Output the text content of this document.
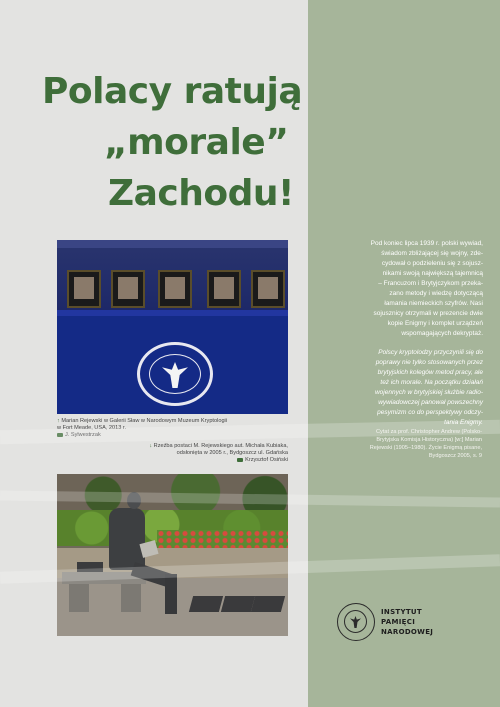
Polacy ratują
„morale”
Zachodu!
↑ Marian Rejewski w Galerii Sław w Narodowym Muzeum Kryptologii
w Fort Meade, USA, 2013 r.
J. Sylwestrzak
↓ Rzeźba postaci M. Rejewskiego aut. Michała Kubiaka,
odsłonięta w 2005 r., Bydgoszcz ul. Gdańska
Krzysztof Osiński

Pod koniec lipca 1939 r. polski wywiad,
świadom zbliżającej się wojny, zde-
cydował o podzieleniu się z sojusz-
nikami swoją największą tajemnicą
– Francuzom i Brytyjczykom przeka-
zano metody i wiedzę dotyczącą
łamania niemieckich szyfrów. Nasi
sojusznicy otrzymali w prezencie dwie
kopie Enigmy i komplet urządzeń
wspomagających dekryptaż.

Polscy kryptolodzy przyczynili się do
poprawy nie tylko stosowanych przez
brytyjskich kolegów metod pracy, ale
też ich morale. Na początku działań
wojennych w brytyjskiej służbie radio-
wywiadowczej panował powszechny
pesymizm co do perspektywy odczy-
tania Enigmy.

Cytat za prof. Christopher Andrew (Polsko-
Brytyjska Komisja Historyczna) [w:] Marian
Rejewski (1905–1980). Życie Enigmą pisane,
Bydgoszcz 2005, s. 9
INSTYTUT
PAMIĘCI
NARODOWEJ
